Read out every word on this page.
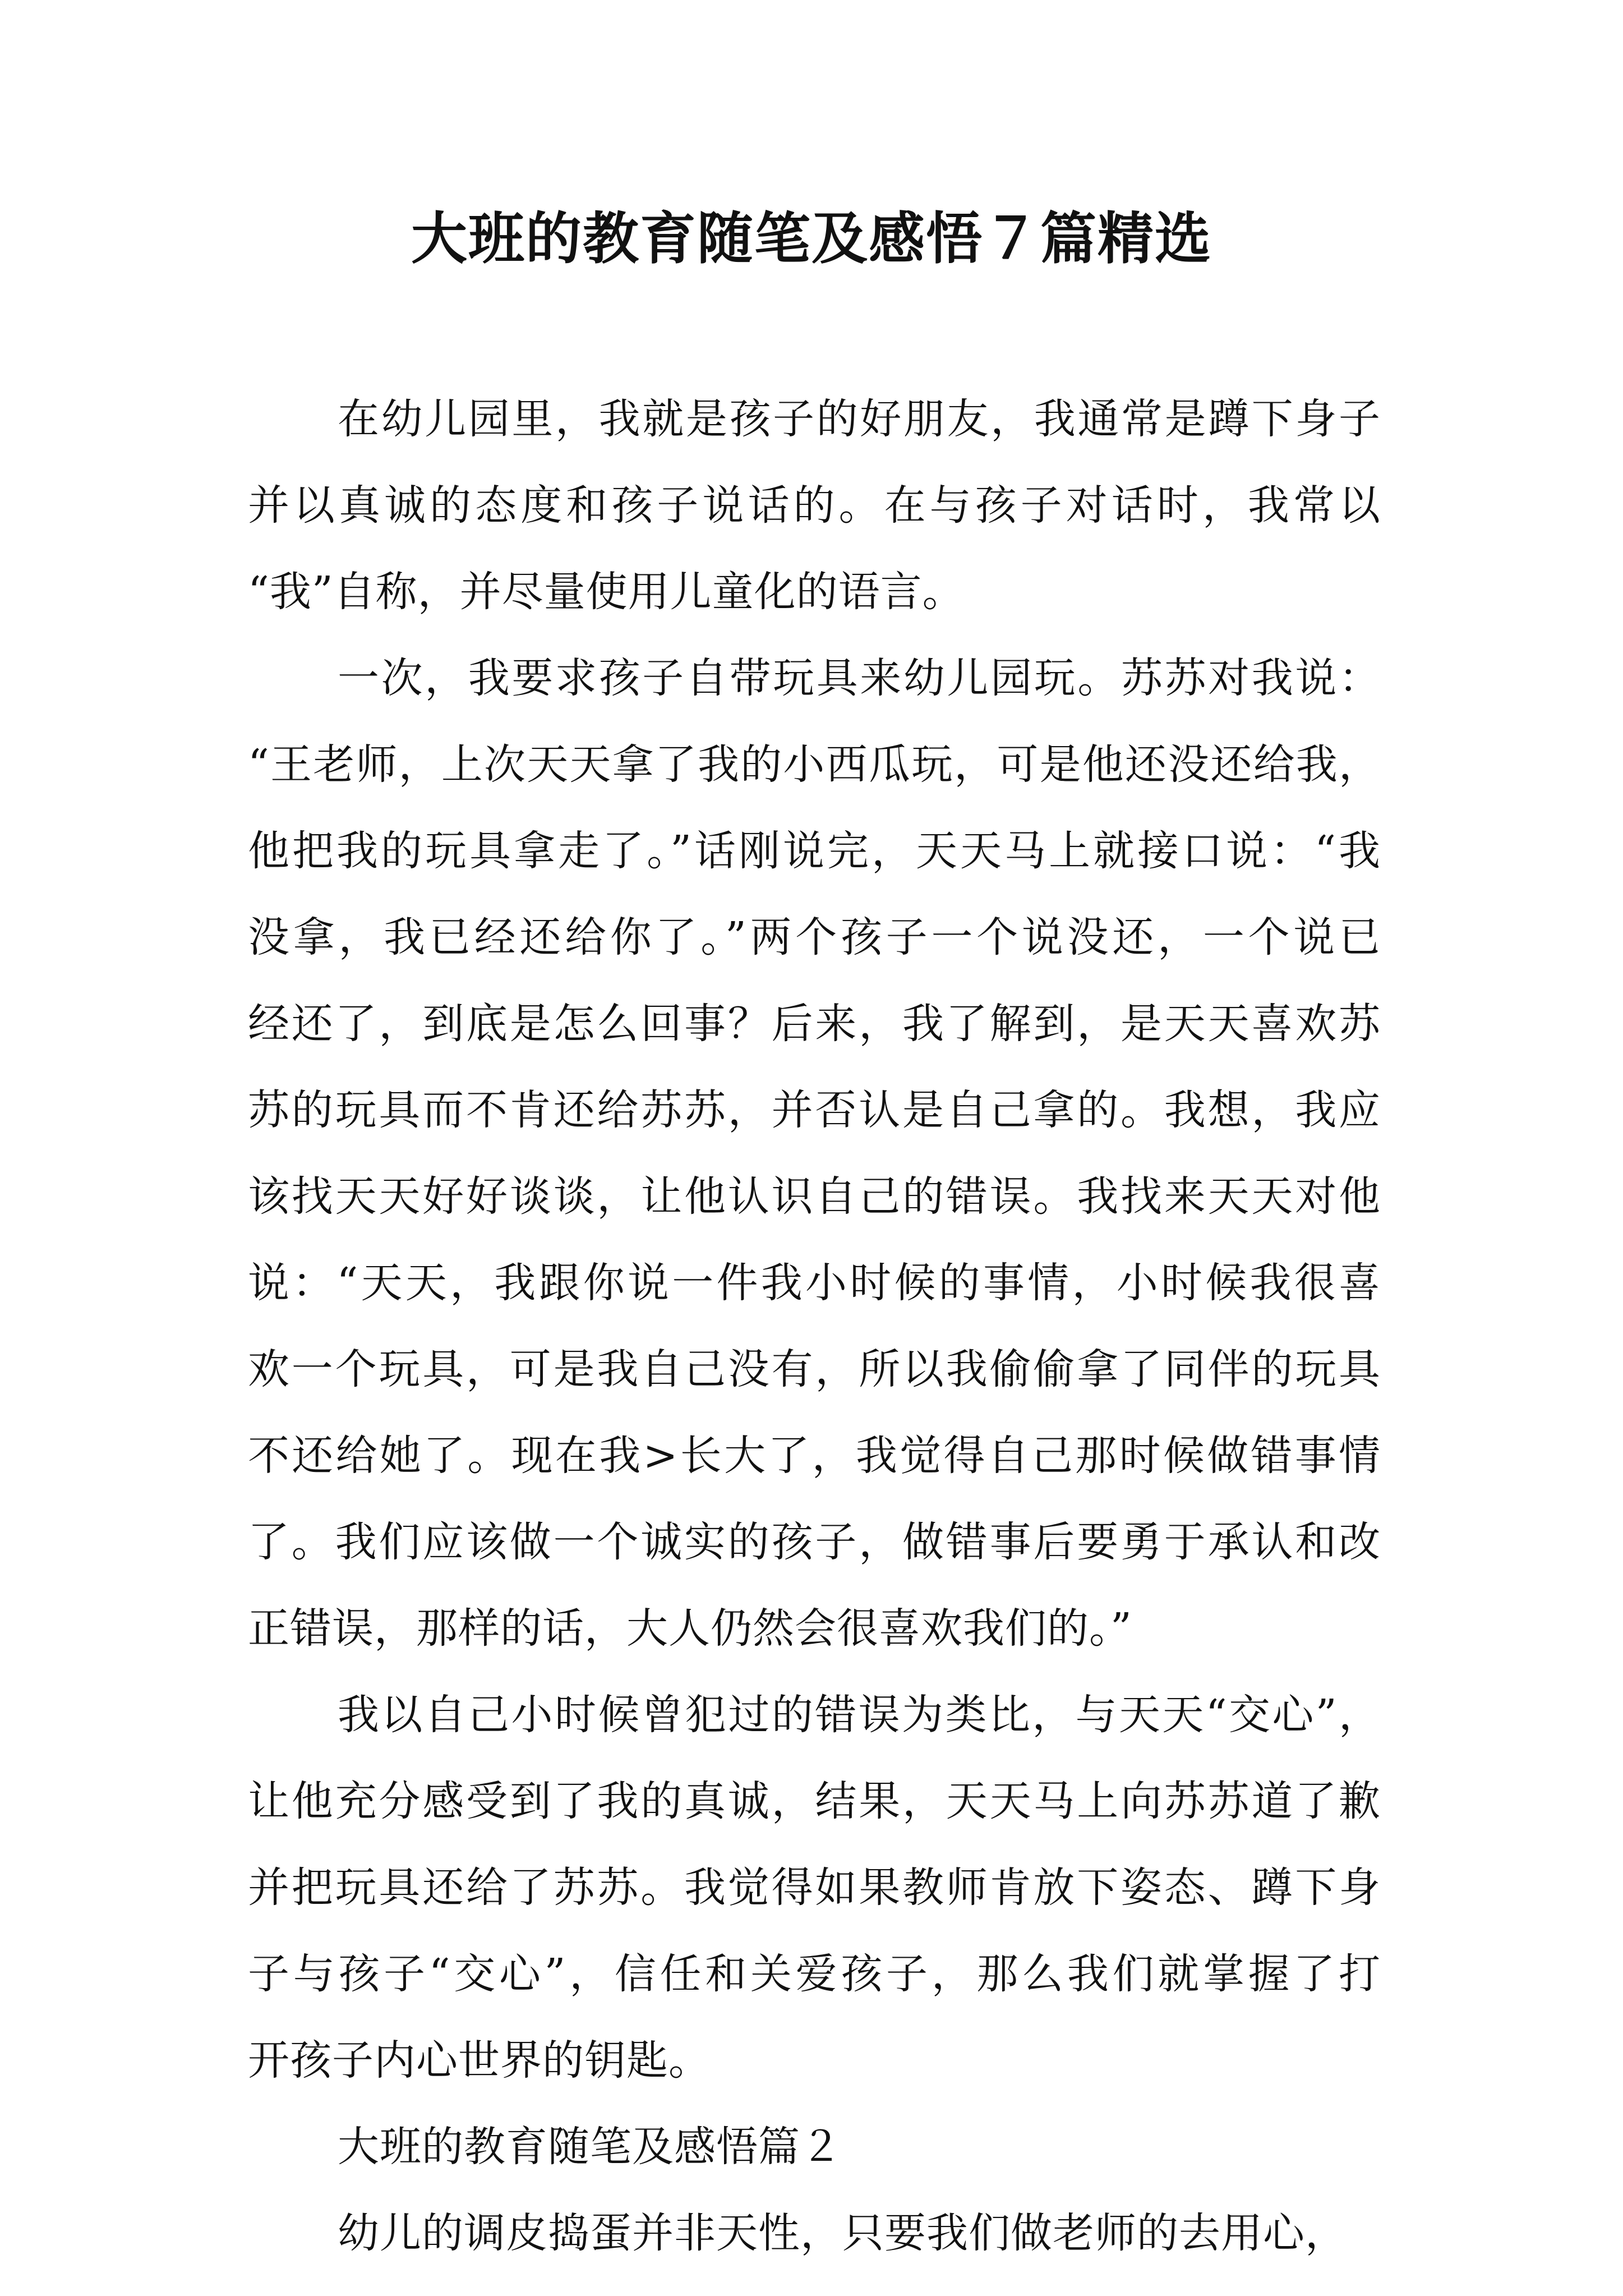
大班的教育随笔及感悟７篇精选
在幼儿园里，我就是孩子的好朋友，我通常是蹲下身子
并以真诚的态度和孩子说话的。在与孩子对话时，我常以
“我”自称，并尽量使用儿童化的语言。
一次，我要求孩子自带玩具来幼儿园玩。苏苏对我说：
“王老师，上次天天拿了我的小西瓜玩，可是他还没还给我，
他把我的玩具拿走了。”话刚说完，天天马上就接口说：“我
没拿，我已经还给你了。”两个孩子一个说没还，一个说已
经还了，到底是怎么回事？后来，我了解到，是天天喜欢苏
苏的玩具而不肯还给苏苏，并否认是自己拿的。我想，我应
该找天天好好谈谈，让他认识自己的错误。我找来天天对他
说：“天天，我跟你说一件我小时候的事情，小时候我很喜
欢一个玩具，可是我自己没有，所以我偷偷拿了同伴的玩具
不还给她了。现在我>长大了，我觉得自己那时候做错事情
了。我们应该做一个诚实的孩子，做错事后要勇于承认和改
正错误，那样的话，大人仍然会很喜欢我们的。”
我以自己小时候曾犯过的错误为类比，与天天“交心”，
让他充分感受到了我的真诚，结果，天天马上向苏苏道了歉
并把玩具还给了苏苏。我觉得如果教师肯放下姿态、蹲下身
子与孩子“交心”，信任和关爱孩子，那么我们就掌握了打
开孩子内心世界的钥匙。
大班的教育随笔及感悟篇２
幼儿的调皮捣蛋并非天性，只要我们做老师的去用心，
